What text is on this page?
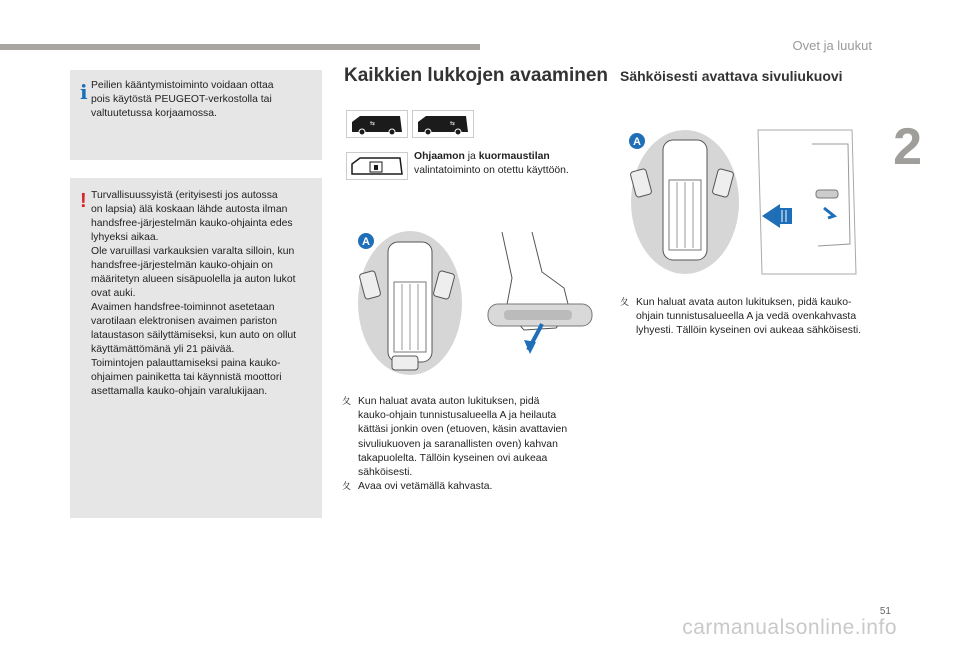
Ovet ja luukut
2
i Peilien kääntymistoiminto voidaan ottaa

pois käytöstä PEUGEOT-verkostolla tai

valtuutetussa korjaamossa.

! Turvallisuussyistä (erityisesti jos autossa

on lapsia) älä koskaan lähde autosta ilman

handsfree-järjestelmän kauko-ohjainta edes

lyhyeksi aikaa.

Ole varuillasi varkauksien varalta silloin, kun

handsfree-järjestelmän kauko-ohjain on

määritetyn alueen sisäpuolella ja auton lukot

ovat auki.

Avaimen handsfree-toiminnot asetetaan

varotilaan elektronisen avaimen pariston

lataustason säilyttämiseksi, kun auto on ollut

käyttämättömänä yli 21 päivää.

Toimintojen palauttamiseksi paina kauko-

ohjaimen painiketta tai käynnistä moottori

asettamalla kauko-ohjain varalukijaan.

Kaikkien lukkojen avaaminen
⇆	⇆
Ohjaamon ja kuormaustilan
valintatoiminto on otettu käyttöön.
A
⼡ Kun haluat avata auton lukituksen, pidä
kauko-ohjain tunnistusalueella A ja heilauta
kättäsi jonkin oven (etuoven, käsin avattavien
sivuliukuoven ja saranallisten oven) kahvan
takapuolelta. Tällöin kyseinen ovi aukeaa
sähköisesti.
⼡ Avaa ovi vetämällä kahvasta.
Sähköisesti avattava sivuliukuovi
A
⼡ Kun haluat avata auton lukituksen, pidä kauko-
ohjain tunnistusalueella A ja vedä ovenkahvasta
lyhyesti. Tällöin kyseinen ovi aukeaa sähköisesti.
51
carmanualsonline.info
